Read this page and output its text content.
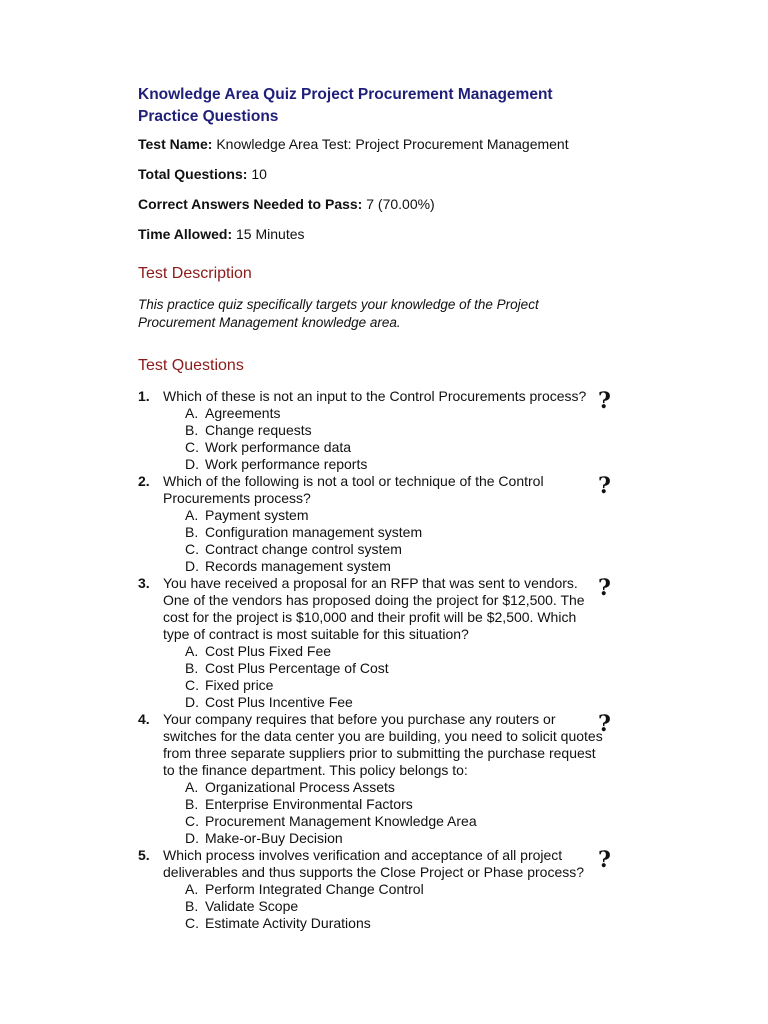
Knowledge Area Quiz Project Procurement Management
Practice Questions
Test Name: Knowledge Area Test: Project Procurement Management
Total Questions: 10
Correct Answers Needed to Pass: 7 (70.00%)
Time Allowed: 15 Minutes
Test Description

This practice quiz specifically targets your knowledge of the Project Procurement Management knowledge area.

Test Questions
1. Which of these is not an input to the Control Procurements process?

A. Agreements
B. Change requests
C. Work performance data
D. Work performance reports
?
2. Which of the following is not a tool or technique of the Control Procurements process?

A. Payment system
B. Configuration management system
C. Contract change control system
D. Records management system
?
3. You have received a proposal for an RFP that was sent to vendors. One of the vendors has proposed doing the project for $12,500. The cost for the project is $10,000 and their profit will be $2,500. Which type of contract is most suitable for this situation?

A. Cost Plus Fixed Fee
B. Cost Plus Percentage of Cost
C. Fixed price
D. Cost Plus Incentive Fee
?
4. Your company requires that before you purchase any routers or switches for the data center you are building, you need to solicit quotes from three separate suppliers prior to submitting the purchase request to the finance department. This policy belongs to:

A. Organizational Process Assets
B. Enterprise Environmental Factors
C. Procurement Management Knowledge Area
D. Make-or-Buy Decision
?
5. Which process involves verification and acceptance of all project deliverables and thus supports the Close Project or Phase process?

A. Perform Integrated Change Control
B. Validate Scope
C. Estimate Activity Durations
?
